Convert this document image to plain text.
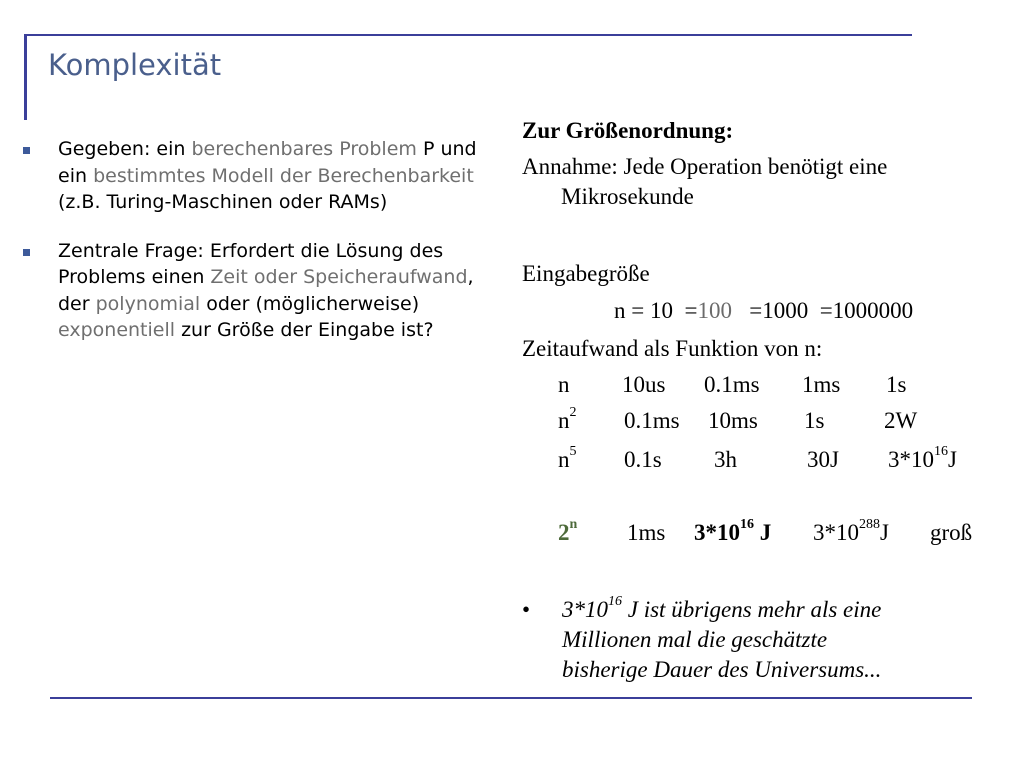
Komplexität
Gegeben: ein berechenbares Problem P und ein bestimmtes Modell der Berechenbarkeit (z.B. Turing-Maschinen oder RAMs)
Zentrale Frage: Erfordert die Lösung des Problems einen Zeit oder Speicheraufwand, der polynomial oder (möglicherweise) exponentiell zur Größe der Eingabe ist?
Zur Größenordnung:
Annahme: Jede Operation benötigt eine
Mikrosekunde
Eingabegröße
n = 10 =100 =1000 =1000000
Zeitaufwand als Funktion von n:
n 10us 0.1ms 1ms 1s
$n^2$ 0.1ms 10ms 1s	2W
$n^5$ 0.1s 3h	30J $3*10^{16}J$
2$^n$ 1ms $3*10^{16}$ J $3*10^{288}J$ groß
• $3*10^{16}$ J ist übrigens mehr als eine
Millionen mal die geschätzte
bisherige Dauer des Universums...
